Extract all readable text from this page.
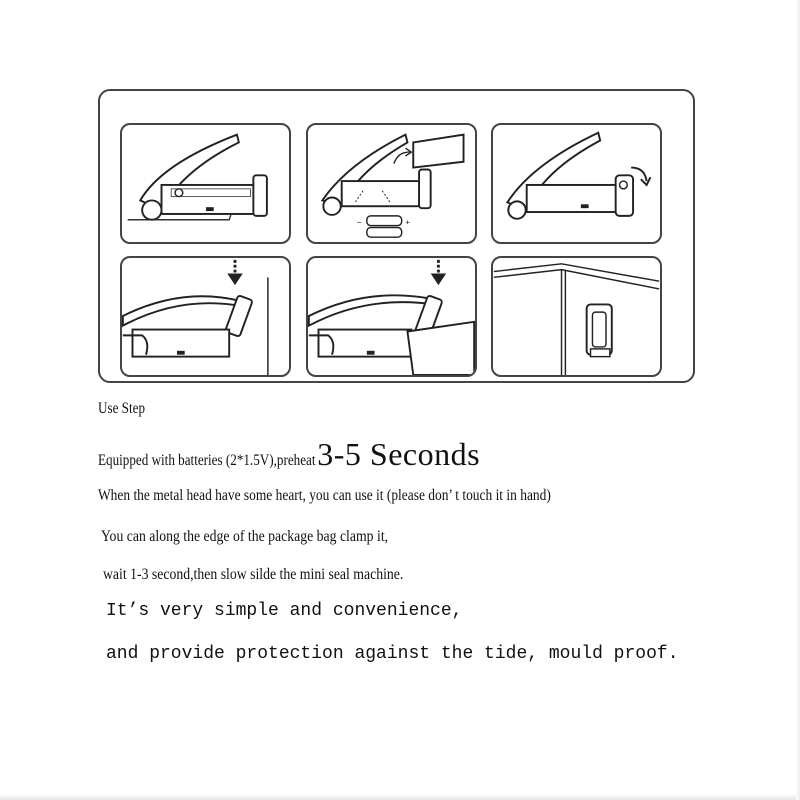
–	+
Use Step
Equipped with batteries (2*1.5V),preheat 3-5 Seconds
When the metal head have some heart, you can use it (please don’ t touch it in hand)
You can along the edge of the package bag clamp it,
wait 1-3 second,then slow silde the mini seal machine.
It’s very simple and convenience,
and provide protection against the tide, mould proof.
